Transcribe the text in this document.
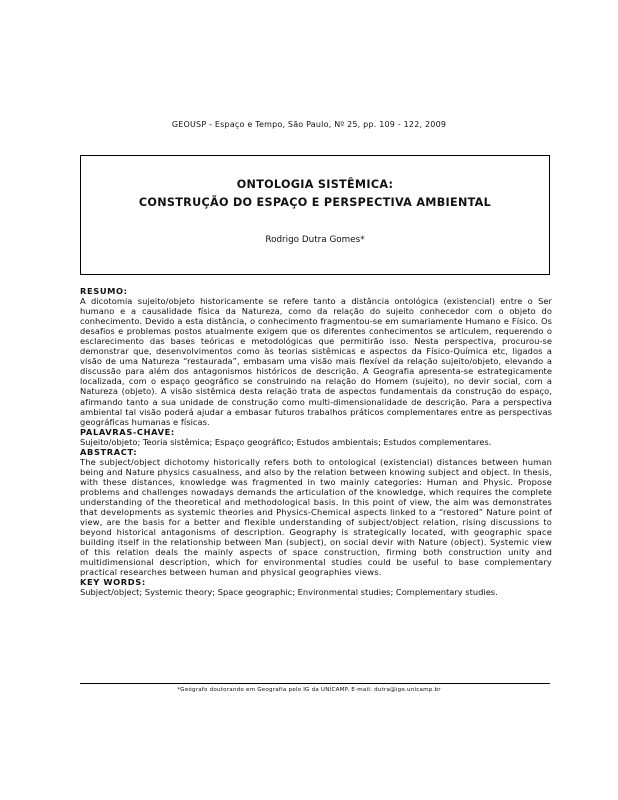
GEOUSP - Espaço e Tempo, São Paulo, Nº 25, pp. 109 - 122, 2009
ONTOLOGIA SISTÊMICA:
CONSTRUÇÃO DO ESPAÇO E PERSPECTIVA AMBIENTAL
Rodrigo Dutra Gomes*

RESUMO:

A dicotomia sujeito/objeto historicamente se refere tanto a distância ontológica (existencial) entre o Ser humano e a causalidade física da Natureza, como da relação do sujeito conhecedor com o objeto do conhecimento. Devido a esta distância, o conhecimento fragmentou-se em sumariamente Humano e Físico. Os desafios e problemas postos atualmente exigem que os diferentes conhecimentos se articulem, requerendo o esclarecimento das bases teóricas e metodológicas que permitirão isso. Nesta perspectiva, procurou-se demonstrar que, desenvolvimentos como às teorias sistêmicas e aspectos da Físico-Química etc, ligados a visão de uma Natureza “restaurada”, embasam uma visão mais flexível da relação sujeito/objeto, elevando a discussão para além dos antagonismos históricos de descrição. A Geografia apresenta-se estrategicamente localizada, com o espaço geográfico se construindo na relação do Homem (sujeito), no devir social, com a Natureza (objeto). A visão sistêmica desta relação trata de aspectos fundamentais da construção do espaço, afirmando tanto a sua unidade de construção como multi-dimensionalidade de descrição. Para a perspectiva ambiental tal visão poderá ajudar a embasar futuros trabalhos práticos complementares entre as perspectivas geográficas humanas e físicas.

PALAVRAS-CHAVE:

Sujeito/objeto; Teoria sistêmica; Espaço geográfico; Estudos ambientais; Estudos complementares.

ABSTRACT:

The subject/object dichotomy historically refers both to ontological (existencial) distances between human being and Nature physics casualness, and also by the relation between knowing subject and object. In thesis, with these distances, knowledge was fragmented in two mainly categories: Human and Physic. Propose problems and challenges nowadays demands the articulation of the knowledge, which requires the complete understanding of the theoretical and methodological basis. In this point of view, the aim was demonstrates that developments as systemic theories and Physics-Chemical aspects linked to a “restored” Nature point of view, are the basis for a better and flexible understanding of subject/object relation, rising discussions to beyond historical antagonisms of description. Geography is strategically located, with geographic space building itself in the relationship between Man (subject), on social devir with Nature (object). Systemic view of this relation deals the mainly aspects of space construction, firming both construction unity and multidimensional description, which for environmental studies could be useful to base complementary practical researches between human and physical geographies views.

KEY WORDS:

Subject/object; Systemic theory; Space geographic; Environmental studies; Complementary studies.

*Geógrafo doutorando em Geografia pelo IG da UNICAMP. E-mail: dutra@ige.unicamp.br
